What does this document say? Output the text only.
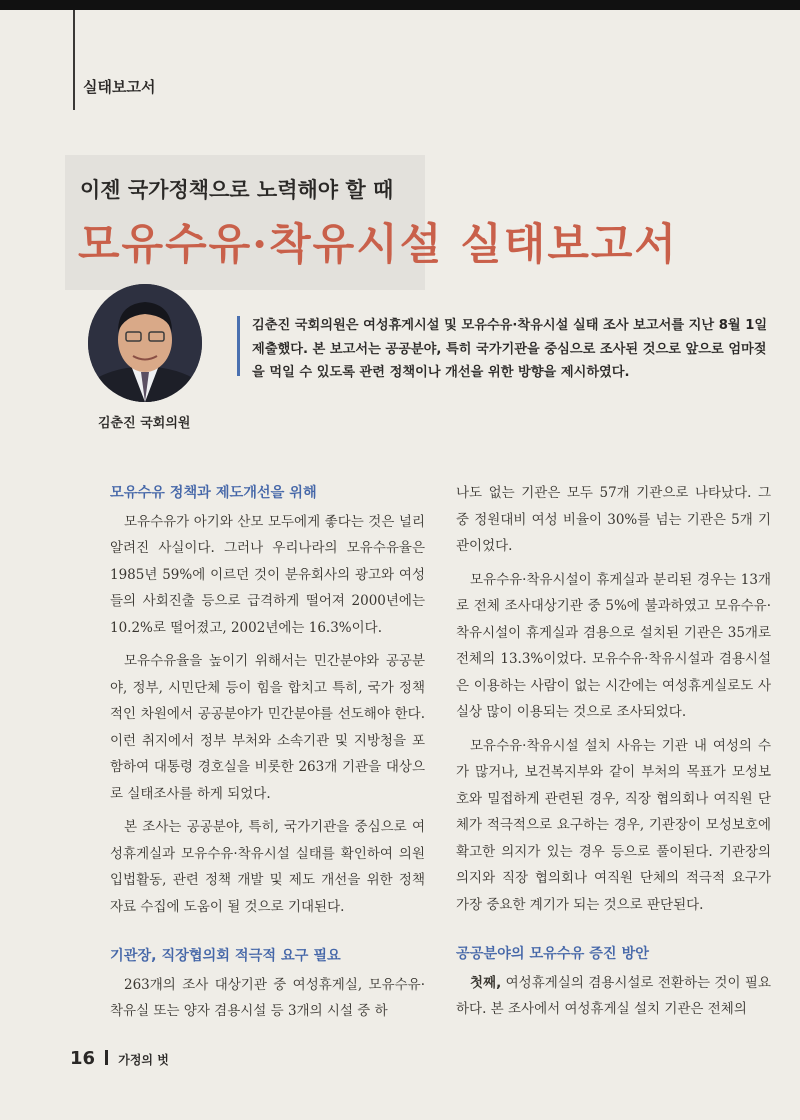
실태보고서
이젠 국가정책으로 노력해야 할 때
모유수유·착유시설 실태보고서
김춘진 국회의원
김춘진 국회의원은 여성휴게시설 및 모유수유·착유시설 실태 조사 보고서를 지난 8월 1일 제출했다. 본 보고서는 공공분야, 특히 국가기관을 중심으로 조사된 것으로 앞으로 엄마젖을 먹일 수 있도록 관련 정책이나 개선을 위한 방향을 제시하였다.
모유수유 정책과 제도개선을 위해

모유수유가 아기와 산모 모두에게 좋다는 것은 널리 알려진 사실이다. 그러나 우리나라의 모유수유율은 1985년 59%에 이르던 것이 분유회사의 광고와 여성들의 사회진출 등으로 급격하게 떨어져 2000년에는 10.2%로 떨어졌고, 2002년에는 16.3%이다.

모유수유율을 높이기 위해서는 민간분야와 공공분야, 정부, 시민단체 등이 힘을 합치고 특히, 국가 정책적인 차원에서 공공분야가 민간분야를 선도해야 한다. 이런 취지에서 정부 부처와 소속기관 및 지방청을 포함하여 대통령 경호실을 비롯한 263개 기관을 대상으로 실태조사를 하게 되었다.

본 조사는 공공분야, 특히, 국가기관을 중심으로 여성휴게실과 모유수유·착유시설 실태를 확인하여 의원 입법활동, 관련 정책 개발 및 제도 개선을 위한 정책 자료 수집에 도움이 될 것으로 기대된다.

기관장, 직장협의회 적극적 요구 필요

263개의 조사 대상기관 중 여성휴게실, 모유수유·착유실 또는 양자 겸용시설 등 3개의 시설 중 하

나도 없는 기관은 모두 57개 기관으로 나타났다. 그 중 정원대비 여성 비율이 30%를 넘는 기관은 5개 기관이었다.

모유수유·착유시설이 휴게실과 분리된 경우는 13개로 전체 조사대상기관 중 5%에 불과하였고 모유수유·착유시설이 휴게실과 겸용으로 설치된 기관은 35개로 전체의 13.3%이었다. 모유수유·착유시설과 겸용시설은 이용하는 사람이 없는 시간에는 여성휴게실로도 사실상 많이 이용되는 것으로 조사되었다.

모유수유·착유시설 설치 사유는 기관 내 여성의 수가 많거나, 보건복지부와 같이 부처의 목표가 모성보호와 밀접하게 관련된 경우, 직장 협의회나 여직원 단체가 적극적으로 요구하는 경우, 기관장이 모성보호에 확고한 의지가 있는 경우 등으로 풀이된다. 기관장의 의지와 직장 협의회나 여직원 단체의 적극적 요구가 가장 중요한 계기가 되는 것으로 판단된다.

공공분야의 모유수유 증진 방안

첫째, 여성휴게실의 겸용시설로 전환하는 것이 필요하다. 본 조사에서 여성휴게실 설치 기관은 전체의

16 가정의 벗
